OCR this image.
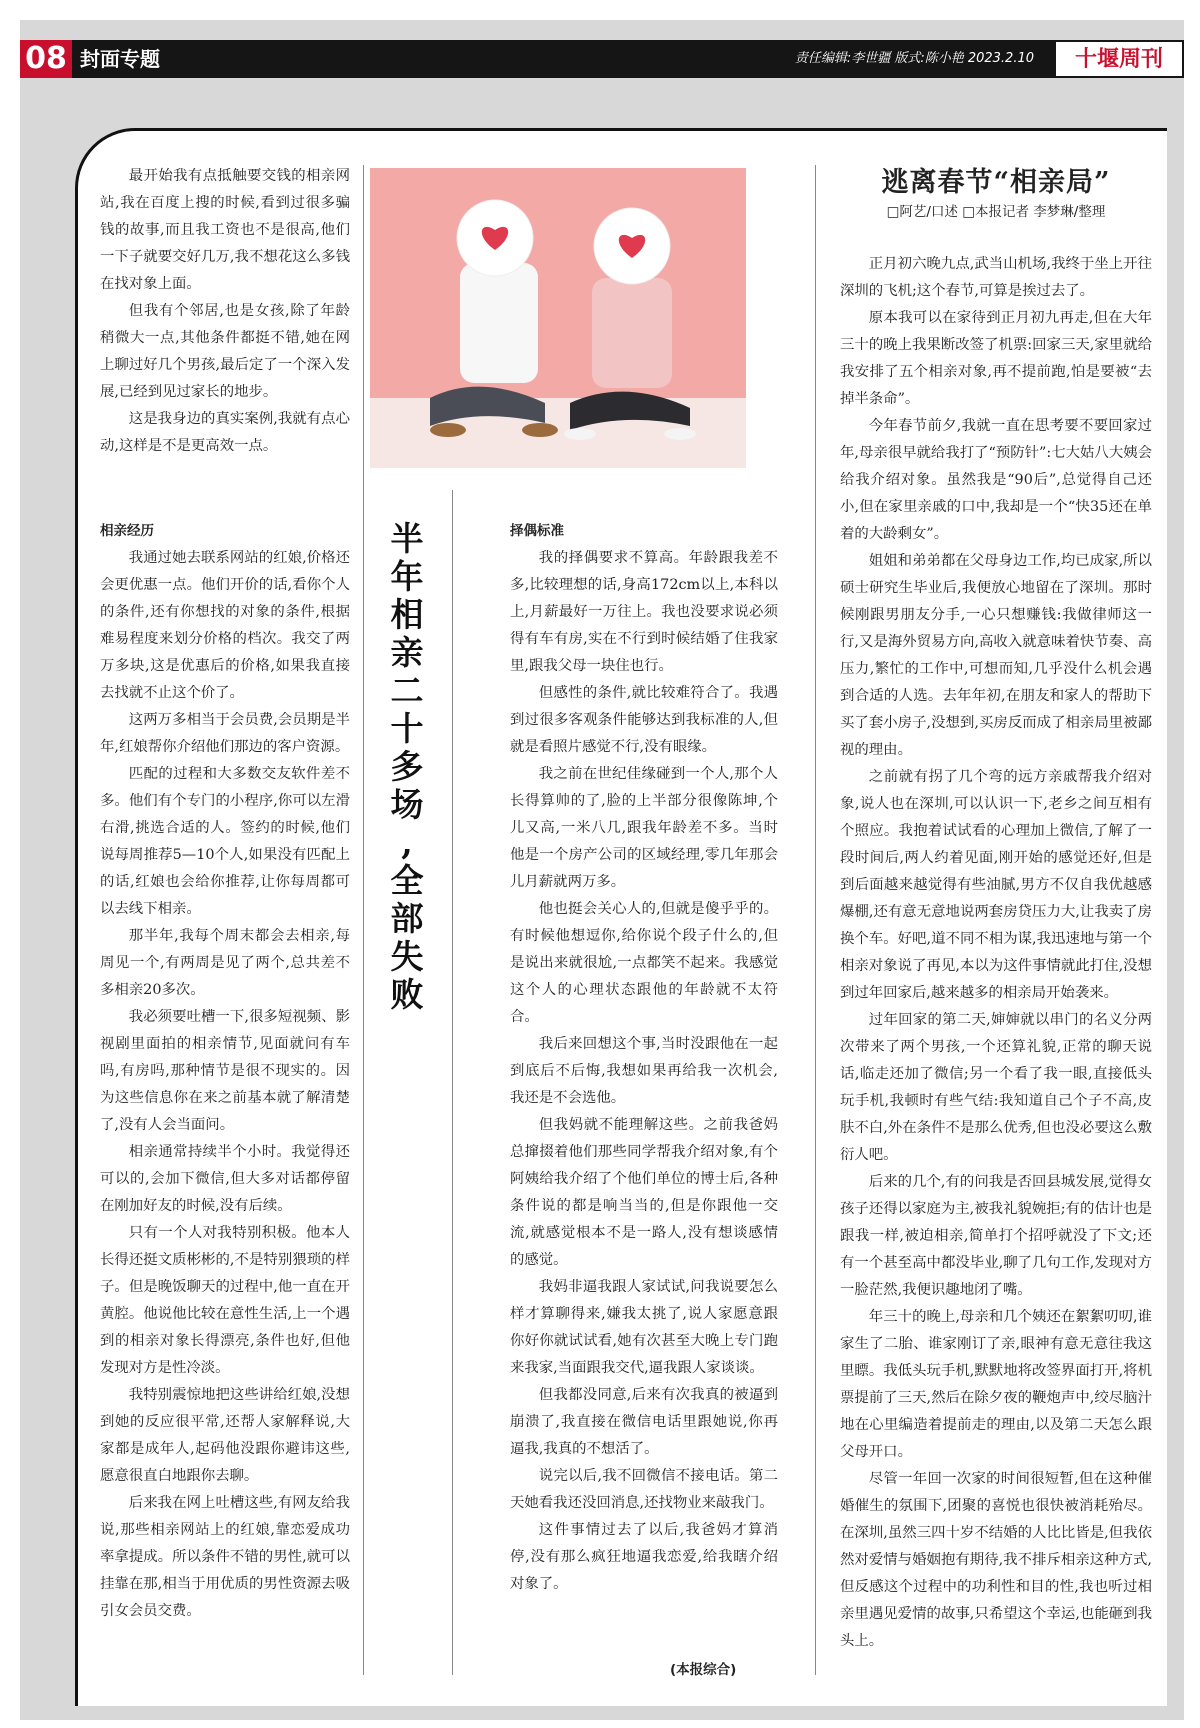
08 封面专题	责任编辑:李世疆 版式:陈小艳 2023.2.10	十堰周刊

最开始我有点抵触要交钱的相亲网站,我在百度上搜的时候,看到过很多骗钱的故事,而且我工资也不是很高,他们一下子就要交好几万,我不想花这么多钱在找对象上面。

但我有个邻居,也是女孩,除了年龄稍微大一点,其他条件都挺不错,她在网上聊过好几个男孩,最后定了一个深入发展,已经到见过家长的地步。

这是我身边的真实案例,我就有点心动,这样是不是更高效一点。

相亲经历

我通过她去联系网站的红娘,价格还会更优惠一点。他们开价的话,看你个人的条件,还有你想找的对象的条件,根据难易程度来划分价格的档次。我交了两万多块,这是优惠后的价格,如果我直接去找就不止这个价了。

这两万多相当于会员费,会员期是半年,红娘帮你介绍他们那边的客户资源。

匹配的过程和大多数交友软件差不多。他们有个专门的小程序,你可以左滑右滑,挑选合适的人。签约的时候,他们说每周推荐5—10个人,如果没有匹配上的话,红娘也会给你推荐,让你每周都可以去线下相亲。

那半年,我每个周末都会去相亲,每周见一个,有两周是见了两个,总共差不多相亲20多次。

我必须要吐槽一下,很多短视频、影视剧里面拍的相亲情节,见面就问有车吗,有房吗,那种情节是很不现实的。因为这些信息你在来之前基本就了解清楚了,没有人会当面问。

相亲通常持续半个小时。我觉得还可以的,会加下微信,但大多对话都停留在刚加好友的时候,没有后续。

只有一个人对我特别积极。他本人长得还挺文质彬彬的,不是特别猥琐的样子。但是晚饭聊天的过程中,他一直在开黄腔。他说他比较在意性生活,上一个遇到的相亲对象长得漂亮,条件也好,但他发现对方是性冷淡。

我特别震惊地把这些讲给红娘,没想到她的反应很平常,还帮人家解释说,大家都是成年人,起码他没跟你避讳这些,愿意很直白地跟你去聊。

后来我在网上吐槽这些,有网友给我说,那些相亲网站上的红娘,靠恋爱成功率拿提成。所以条件不错的男性,就可以挂靠在那,相当于用优质的男性资源去吸引女会员交费。

半
年
相
亲
二
十
多
场
,
全
部
失
败

择偶标准

我的择偶要求不算高。年龄跟我差不多,比较理想的话,身高172cm以上,本科以上,月薪最好一万往上。我也没要求说必须得有车有房,实在不行到时候结婚了住我家里,跟我父母一块住也行。

但感性的条件,就比较难符合了。我遇到过很多客观条件能够达到我标准的人,但就是看照片感觉不行,没有眼缘。

我之前在世纪佳缘碰到一个人,那个人长得算帅的了,脸的上半部分很像陈坤,个儿又高,一米八几,跟我年龄差不多。当时他是一个房产公司的区域经理,零几年那会儿月薪就两万多。

他也挺会关心人的,但就是傻乎乎的。有时候他想逗你,给你说个段子什么的,但是说出来就很尬,一点都笑不起来。我感觉这个人的心理状态跟他的年龄就不太符合。

我后来回想这个事,当时没跟他在一起到底后不后悔,我想如果再给我一次机会,我还是不会选他。

但我妈就不能理解这些。之前我爸妈总撺掇着他们那些同学帮我介绍对象,有个阿姨给我介绍了个他们单位的博士后,各种条件说的都是响当当的,但是你跟他一交流,就感觉根本不是一路人,没有想谈感情的感觉。

我妈非逼我跟人家试试,问我说要怎么样才算聊得来,嫌我太挑了,说人家愿意跟你好你就试试看,她有次甚至大晚上专门跑来我家,当面跟我交代,逼我跟人家谈谈。

但我都没同意,后来有次我真的被逼到崩溃了,我直接在微信电话里跟她说,你再逼我,我真的不想活了。

说完以后,我不回微信不接电话。第二天她看我还没回消息,还找物业来敲我门。

这件事情过去了以后,我爸妈才算消停,没有那么疯狂地逼我恋爱,给我瞎介绍对象了。

(本报综合)
逃离春节“相亲局”
□阿艺/口述 □本报记者 李梦琳/整理

正月初六晚九点,武当山机场,我终于坐上开往深圳的飞机;这个春节,可算是挨过去了。

原本我可以在家待到正月初九再走,但在大年三十的晚上我果断改签了机票:回家三天,家里就给我安排了五个相亲对象,再不提前跑,怕是要被“去掉半条命”。

今年春节前夕,我就一直在思考要不要回家过年,母亲很早就给我打了“预防针”:七大姑八大姨会给我介绍对象。虽然我是“90后”,总觉得自己还小,但在家里亲戚的口中,我却是一个“快35还在单着的大龄剩女”。

姐姐和弟弟都在父母身边工作,均已成家,所以硕士研究生毕业后,我便放心地留在了深圳。那时候刚跟男朋友分手,一心只想赚钱:我做律师这一行,又是海外贸易方向,高收入就意味着快节奏、高压力,繁忙的工作中,可想而知,几乎没什么机会遇到合适的人选。去年年初,在朋友和家人的帮助下买了套小房子,没想到,买房反而成了相亲局里被鄙视的理由。

之前就有拐了几个弯的远方亲戚帮我介绍对象,说人也在深圳,可以认识一下,老乡之间互相有个照应。我抱着试试看的心理加上微信,了解了一段时间后,两人约着见面,刚开始的感觉还好,但是到后面越来越觉得有些油腻,男方不仅自我优越感爆棚,还有意无意地说两套房贷压力大,让我卖了房换个车。好吧,道不同不相为谋,我迅速地与第一个相亲对象说了再见,本以为这件事情就此打住,没想到过年回家后,越来越多的相亲局开始袭来。

过年回家的第二天,婶婶就以串门的名义分两次带来了两个男孩,一个还算礼貌,正常的聊天说话,临走还加了微信;另一个看了我一眼,直接低头玩手机,我顿时有些气结:我知道自己个子不高,皮肤不白,外在条件不是那么优秀,但也没必要这么敷衍人吧。

后来的几个,有的问我是否回县城发展,觉得女孩子还得以家庭为主,被我礼貌婉拒;有的估计也是跟我一样,被迫相亲,简单打个招呼就没了下文;还有一个甚至高中都没毕业,聊了几句工作,发现对方一脸茫然,我便识趣地闭了嘴。

年三十的晚上,母亲和几个姨还在絮絮叨叨,谁家生了二胎、谁家刚订了亲,眼神有意无意往我这里瞟。我低头玩手机,默默地将改签界面打开,将机票提前了三天,然后在除夕夜的鞭炮声中,绞尽脑汁地在心里编造着提前走的理由,以及第二天怎么跟父母开口。

尽管一年回一次家的时间很短暂,但在这种催婚催生的氛围下,团聚的喜悦也很快被消耗殆尽。在深圳,虽然三四十岁不结婚的人比比皆是,但我依然对爱情与婚姻抱有期待,我不排斥相亲这种方式,但反感这个过程中的功利性和目的性,我也听过相亲里遇见爱情的故事,只希望这个幸运,也能砸到我头上。
